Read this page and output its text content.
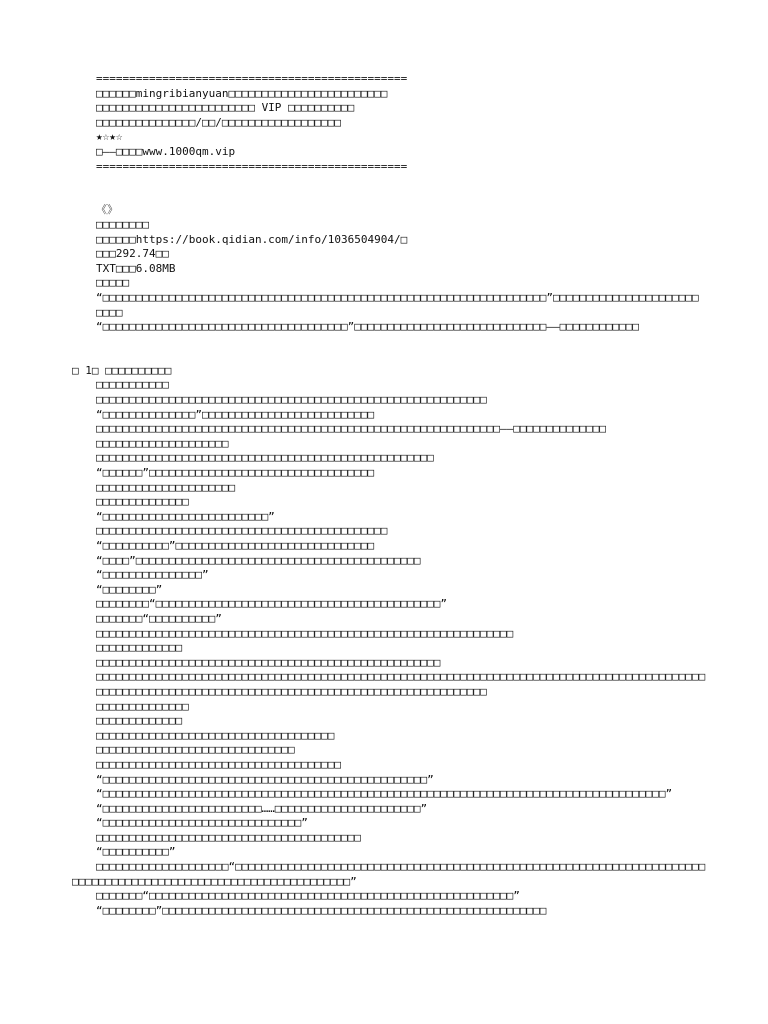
===============================================
□□□□□□mingribianyuan□□□□□□□□□□□□□□□□□□□□□□□□
□□□□□□□□□□□□□□□□□□□□□□□□ VIP □□□□□□□□□□
□□□□□□□□□□□□□□□/□□/□□□□□□□□□□□□□□□□□□
★☆★☆
□——□□□□www.1000qm.vip
===============================================
《》
□□□□□□□□
□□□□□□https://book.qidian.com/info/1036504904/□
□□□292.74□□
TXT□□□6.08MB
□□□□□
“□□□□□□□□□□□□□□□□□□□□□□□□□□□□□□□□□□□□□□□□□□□□□□□□□□□□□□□□□□□□□□□□□□□”□□□□□□□□□□□□□□□□□□□□□□
□□□□
“□□□□□□□□□□□□□□□□□□□□□□□□□□□□□□□□□□□□□”□□□□□□□□□□□□□□□□□□□□□□□□□□□□□——□□□□□□□□□□□□
□ 1□ □□□□□□□□□□
□□□□□□□□□□□
□□□□□□□□□□□□□□□□□□□□□□□□□□□□□□□□□□□□□□□□□□□□□□□□□□□□□□□□□□□
“□□□□□□□□□□□□□□”□□□□□□□□□□□□□□□□□□□□□□□□□□
□□□□□□□□□□□□□□□□□□□□□□□□□□□□□□□□□□□□□□□□□□□□□□□□□□□□□□□□□□□□□——□□□□□□□□□□□□□□
□□□□□□□□□□□□□□□□□□□□
□□□□□□□□□□□□□□□□□□□□□□□□□□□□□□□□□□□□□□□□□□□□□□□□□□□
“□□□□□□”□□□□□□□□□□□□□□□□□□□□□□□□□□□□□□□□□□
□□□□□□□□□□□□□□□□□□□□□
□□□□□□□□□□□□□□
“□□□□□□□□□□□□□□□□□□□□□□□□□”
□□□□□□□□□□□□□□□□□□□□□□□□□□□□□□□□□□□□□□□□□□□□
“□□□□□□□□□□”□□□□□□□□□□□□□□□□□□□□□□□□□□□□□□
“□□□□”□□□□□□□□□□□□□□□□□□□□□□□□□□□□□□□□□□□□□□□□□□□
“□□□□□□□□□□□□□□□”
“□□□□□□□□”
□□□□□□□□“□□□□□□□□□□□□□□□□□□□□□□□□□□□□□□□□□□□□□□□□□□□”
□□□□□□□“□□□□□□□□□□”
□□□□□□□□□□□□□□□□□□□□□□□□□□□□□□□□□□□□□□□□□□□□□□□□□□□□□□□□□□□□□□□
□□□□□□□□□□□□□
□□□□□□□□□□□□□□□□□□□□□□□□□□□□□□□□□□□□□□□□□□□□□□□□□□□□
□□□□□□□□□□□□□□□□□□□□□□□□□□□□□□□□□□□□□□□□□□□□□□□□□□□□□□□□□□□□□□□□□□□□□□□□□□□□□□□□□□□□□□□□□□□□
□□□□□□□□□□□□□□□□□□□□□□□□□□□□□□□□□□□□□□□□□□□□□□□□□□□□□□□□□□□
□□□□□□□□□□□□□□
□□□□□□□□□□□□□
□□□□□□□□□□□□□□□□□□□□□□□□□□□□□□□□□□□□
□□□□□□□□□□□□□□□□□□□□□□□□□□□□□□
□□□□□□□□□□□□□□□□□□□□□□□□□□□□□□□□□□□□□
“□□□□□□□□□□□□□□□□□□□□□□□□□□□□□□□□□□□□□□□□□□□□□□□□□”
“□□□□□□□□□□□□□□□□□□□□□□□□□□□□□□□□□□□□□□□□□□□□□□□□□□□□□□□□□□□□□□□□□□□□□□□□□□□□□□□□□□□□□”
“□□□□□□□□□□□□□□□□□□□□□□□□……□□□□□□□□□□□□□□□□□□□□□□”
“□□□□□□□□□□□□□□□□□□□□□□□□□□□□□□”
□□□□□□□□□□□□□□□□□□□□□□□□□□□□□□□□□□□□□□□□
“□□□□□□□□□□”
□□□□□□□□□□□□□□□□□□□□“□□□□□□□□□□□□□□□□□□□□□□□□□□□□□□□□□□□□□□□□□□□□□□□□□□□□□□□□□□□□□□□□□□□□□□□
□□□□□□□□□□□□□□□□□□□□□□□□□□□□□□□□□□□□□□□□□□”
□□□□□□□“□□□□□□□□□□□□□□□□□□□□□□□□□□□□□□□□□□□□□□□□□□□□□□□□□□□□□□□”
“□□□□□□□□”□□□□□□□□□□□□□□□□□□□□□□□□□□□□□□□□□□□□□□□□□□□□□□□□□□□□□□□□□□
